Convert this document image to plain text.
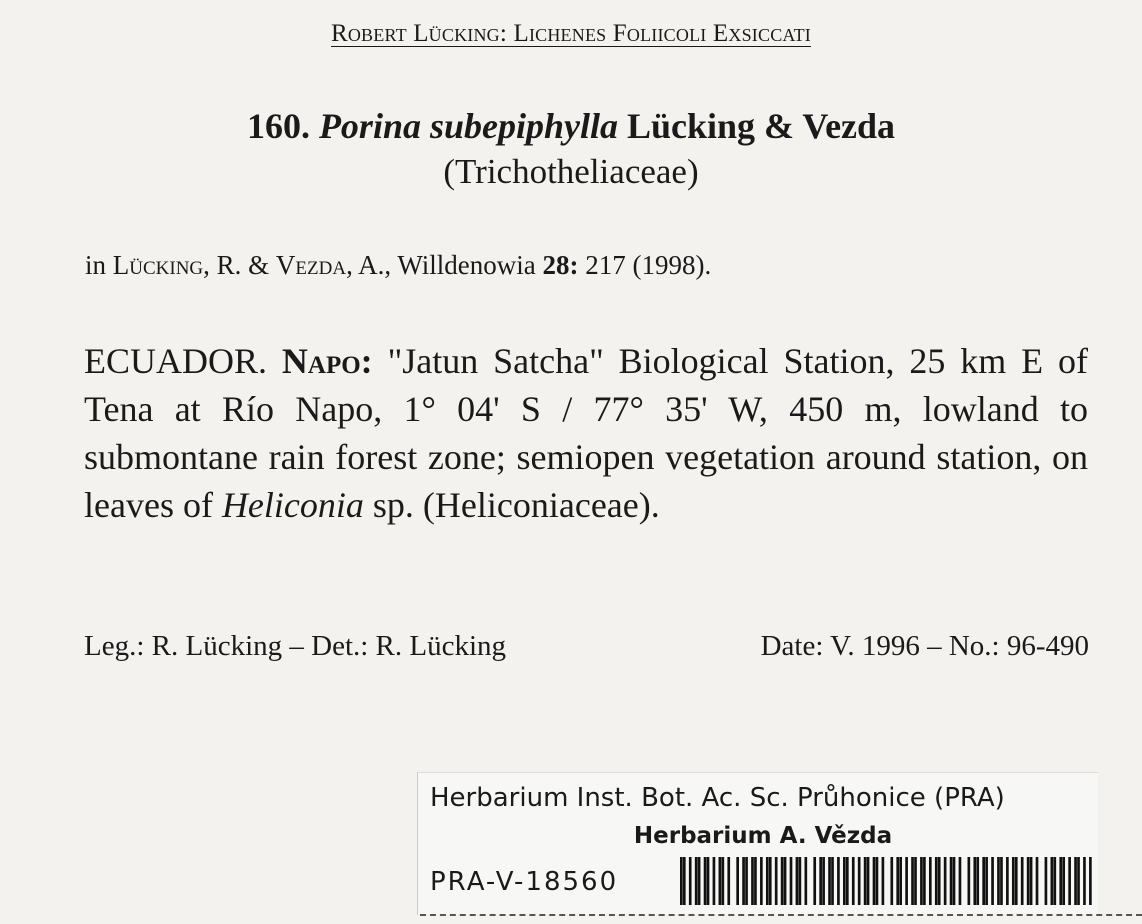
Robert Lücking: Lichenes Foliicoli Exsiccati
160. Porina subepiphylla Lücking & Vezda
(Trichotheliaceae)
in Lücking, R. & Vezda, A., Willdenowia 28: 217 (1998).
ECUADOR. Napo: "Jatun Satcha" Biological Station, 25 km E of Tena at Río Napo, 1° 04' S / 77° 35' W, 450 m, lowland to submontane rain forest zone; semiopen vegetation around station, on leaves of Heliconia sp. (Heliconiaceae).
Leg.: R. Lücking – Det.: R. Lücking	Date: V. 1996 – No.: 96-490
Herbarium Inst. Bot. Ac. Sc. Průhonice (PRA)
Herbarium A. Vězda
PRA-V-18560
